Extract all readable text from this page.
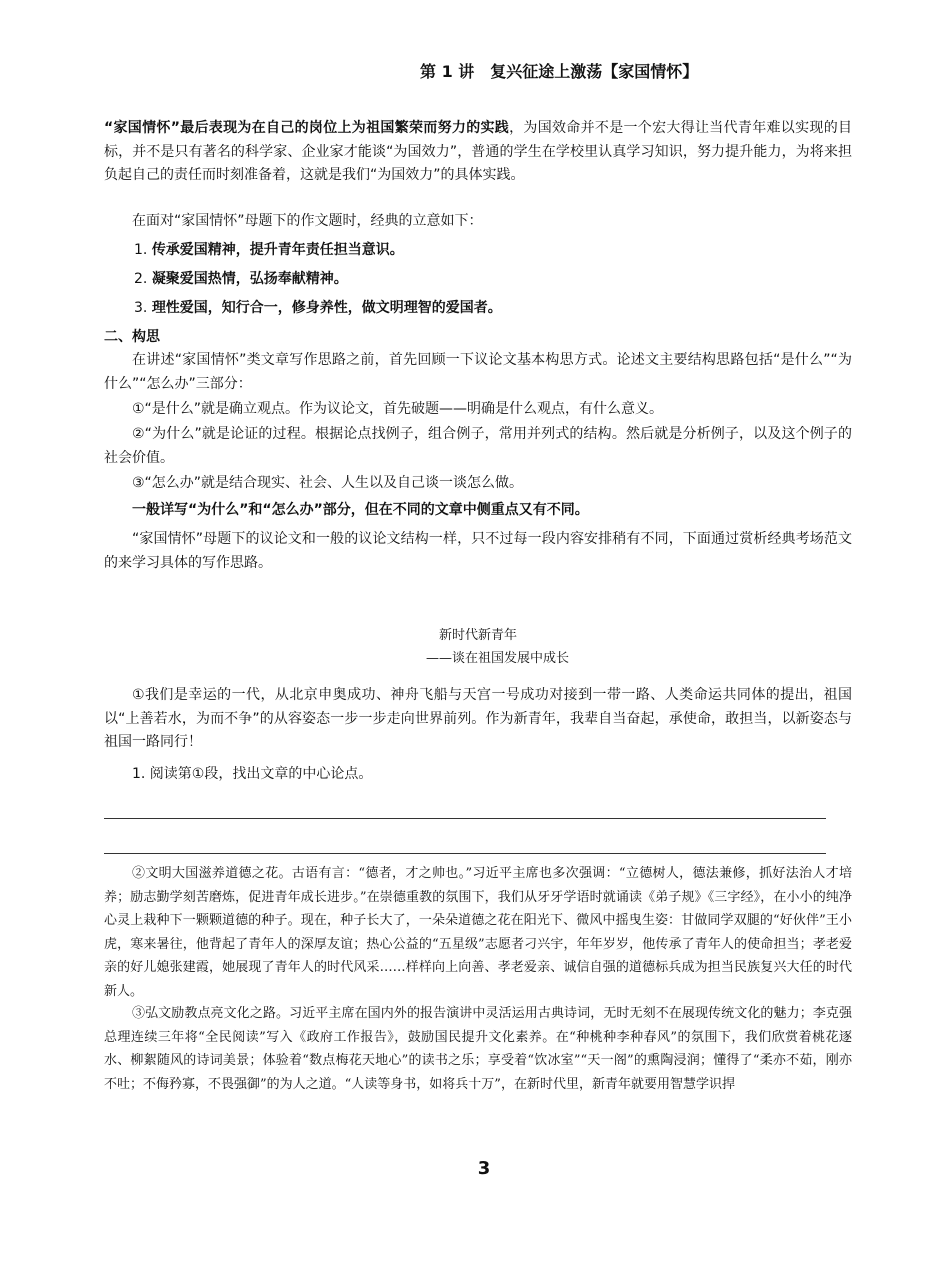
第 1 讲　复兴征途上激荡【家国情怀】

“家国情怀”最后表现为在自己的岗位上为祖国繁荣而努力的实践，为国效命并不是一个宏大得让当代青年难以实现的目标，并不是只有著名的科学家、企业家才能谈“为国效力”，普通的学生在学校里认真学习知识，努力提升能力，为将来担负起自己的责任而时刻准备着，这就是我们“为国效力”的具体实践。

在面对“家国情怀”母题下的作文题时，经典的立意如下：

1. 传承爱国精神，提升青年责任担当意识。

2. 凝聚爱国热情，弘扬奉献精神。

3. 理性爱国，知行合一，修身养性，做文明理智的爱国者。

二、构思

在讲述“家国情怀”类文章写作思路之前，首先回顾一下议论文基本构思方式。论述文主要结构思路包括“是什么”“为什么”“怎么办”三部分：

①“是什么”就是确立观点。作为议论文，首先破题——明确是什么观点，有什么意义。

②“为什么”就是论证的过程。根据论点找例子，组合例子，常用并列式的结构。然后就是分析例子，以及这个例子的社会价值。

③“怎么办”就是结合现实、社会、人生以及自己谈一谈怎么做。

一般详写“为什么”和“怎么办”部分，但在不同的文章中侧重点又有不同。

“家国情怀”母题下的议论文和一般的议论文结构一样，只不过每一段内容安排稍有不同，下面通过赏析经典考场范文的来学习具体的写作思路。

新时代新青年

——谈在祖国发展中成长

①我们是幸运的一代，从北京申奥成功、神舟飞船与天宫一号成功对接到一带一路、人类命运共同体的提出，祖国以“上善若水，为而不争”的从容姿态一步一步走向世界前列。作为新青年，我辈自当奋起，承使命，敢担当，以新姿态与祖国一路同行！

1. 阅读第①段，找出文章的中心论点。

②文明大国滋养道德之花。古语有言：“德者，才之帅也。”习近平主席也多次强调：“立德树人，德法兼修，抓好法治人才培养；励志勤学刻苦磨炼，促进青年成长进步。”在崇德重教的氛围下，我们从牙牙学语时就诵读《弟子规》《三字经》，在小小的纯净心灵上栽种下一颗颗道德的种子。现在，种子长大了，一朵朵道德之花在阳光下、微风中摇曳生姿：甘做同学双腿的“好伙伴”王小虎，寒来暑往，他背起了青年人的深厚友谊；热心公益的“五星级”志愿者刁兴宇，年年岁岁，他传承了青年人的使命担当；孝老爱亲的好儿媳张建霞，她展现了青年人的时代风采……样样向上向善、孝老爱亲、诚信自强的道德标兵成为担当民族复兴大任的时代新人。

③弘文励教点亮文化之路。习近平主席在国内外的报告演讲中灵活运用古典诗词，无时无刻不在展现传统文化的魅力；李克强总理连续三年将“全民阅读”写入《政府工作报告》，鼓励国民提升文化素养。在“种桃种李种春风”的氛围下，我们欣赏着桃花逐水、柳絮随风的诗词美景；体验着“数点梅花天地心”的读书之乐；享受着“饮冰室”“天一阁”的熏陶浸润；懂得了“柔亦不茹，刚亦不吐；不侮矜寡，不畏强御”的为人之道。“人读等身书，如将兵十万”，在新时代里，新青年就要用智慧学识捍

3
